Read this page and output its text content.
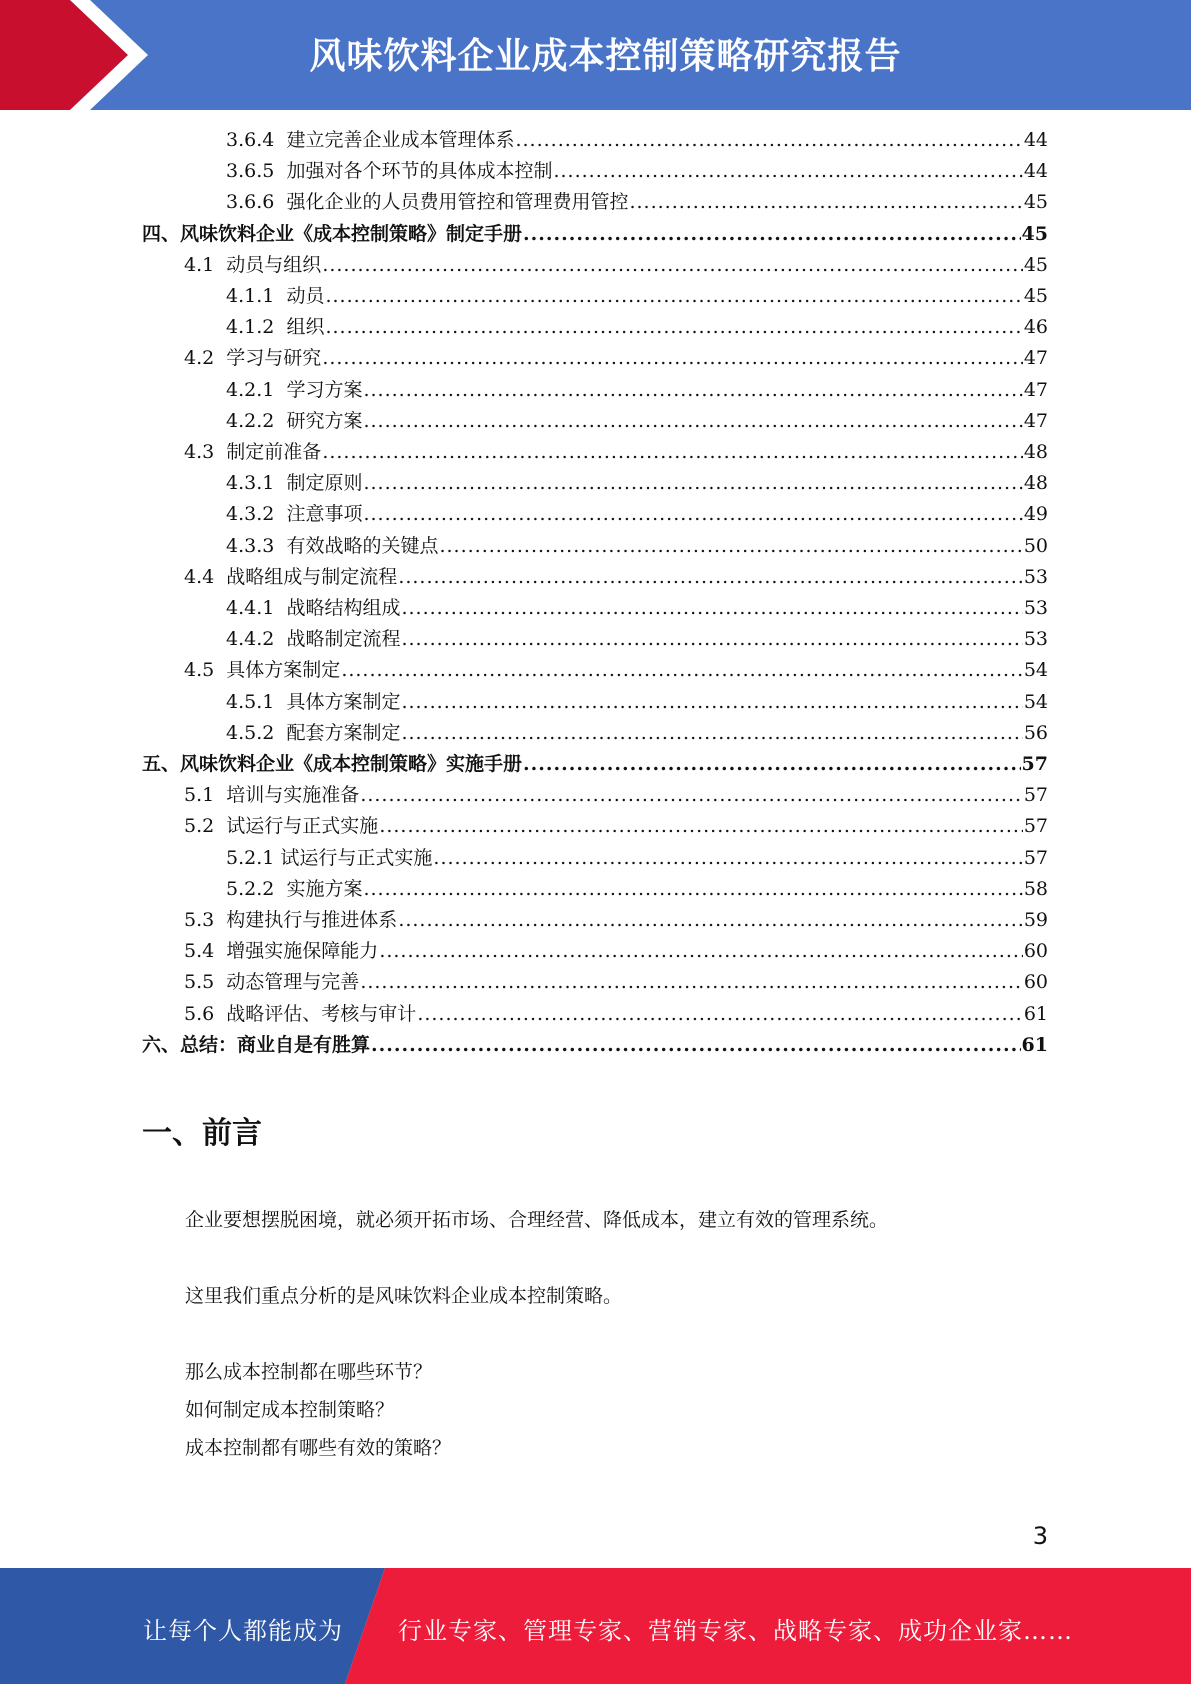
风味饮料企业成本控制策略研究报告
3.6.4 建立完善企业成本管理体系 .....	44
3.6.5 加强对各个环节的具体成本控制 .....	44
3.6.6 强化企业的人员费用管控和管理费用管控 .....	45
四、风味饮料企业《成本控制策略》制定手册 .....	45
4.1 动员与组织 .....	45
4.1.1 动员 .....	45
4.1.2 组织 .....	46
4.2 学习与研究 .....	47
4.2.1 学习方案 .....	47
4.2.2 研究方案 .....	47
4.3 制定前准备 .....	48
4.3.1 制定原则 .....	48
4.3.2 注意事项 .....	49
4.3.3 有效战略的关键点 .....	50
4.4 战略组成与制定流程 .....	53
4.4.1 战略结构组成 .....	53
4.4.2 战略制定流程 .....	53
4.5 具体方案制定 .....	54
4.5.1 具体方案制定 .....	54
4.5.2 配套方案制定 .....	56
五、风味饮料企业《成本控制策略》实施手册 .....	57
5.1 培训与实施准备 .....	57
5.2 试运行与正式实施 .....	57
5.2.1 试运行与正式实施 .....	57
5.2.2 实施方案 .....	58
5.3 构建执行与推进体系 .....	59
5.4 增强实施保障能力 .....	60
5.5 动态管理与完善 .....	60
5.6 战略评估、考核与审计 .....	61
六、总结：商业自是有胜算 .....	61
一、前言
企业要想摆脱困境，就必须开拓市场、合理经营、降低成本，建立有效的管理系统。
这里我们重点分析的是风味饮料企业成本控制策略。
那么成本控制都在哪些环节？
如何制定成本控制策略？
成本控制都有哪些有效的策略？
3
让每个人都能成为 行业专家、管理专家、营销专家、战略专家、成功企业家……
